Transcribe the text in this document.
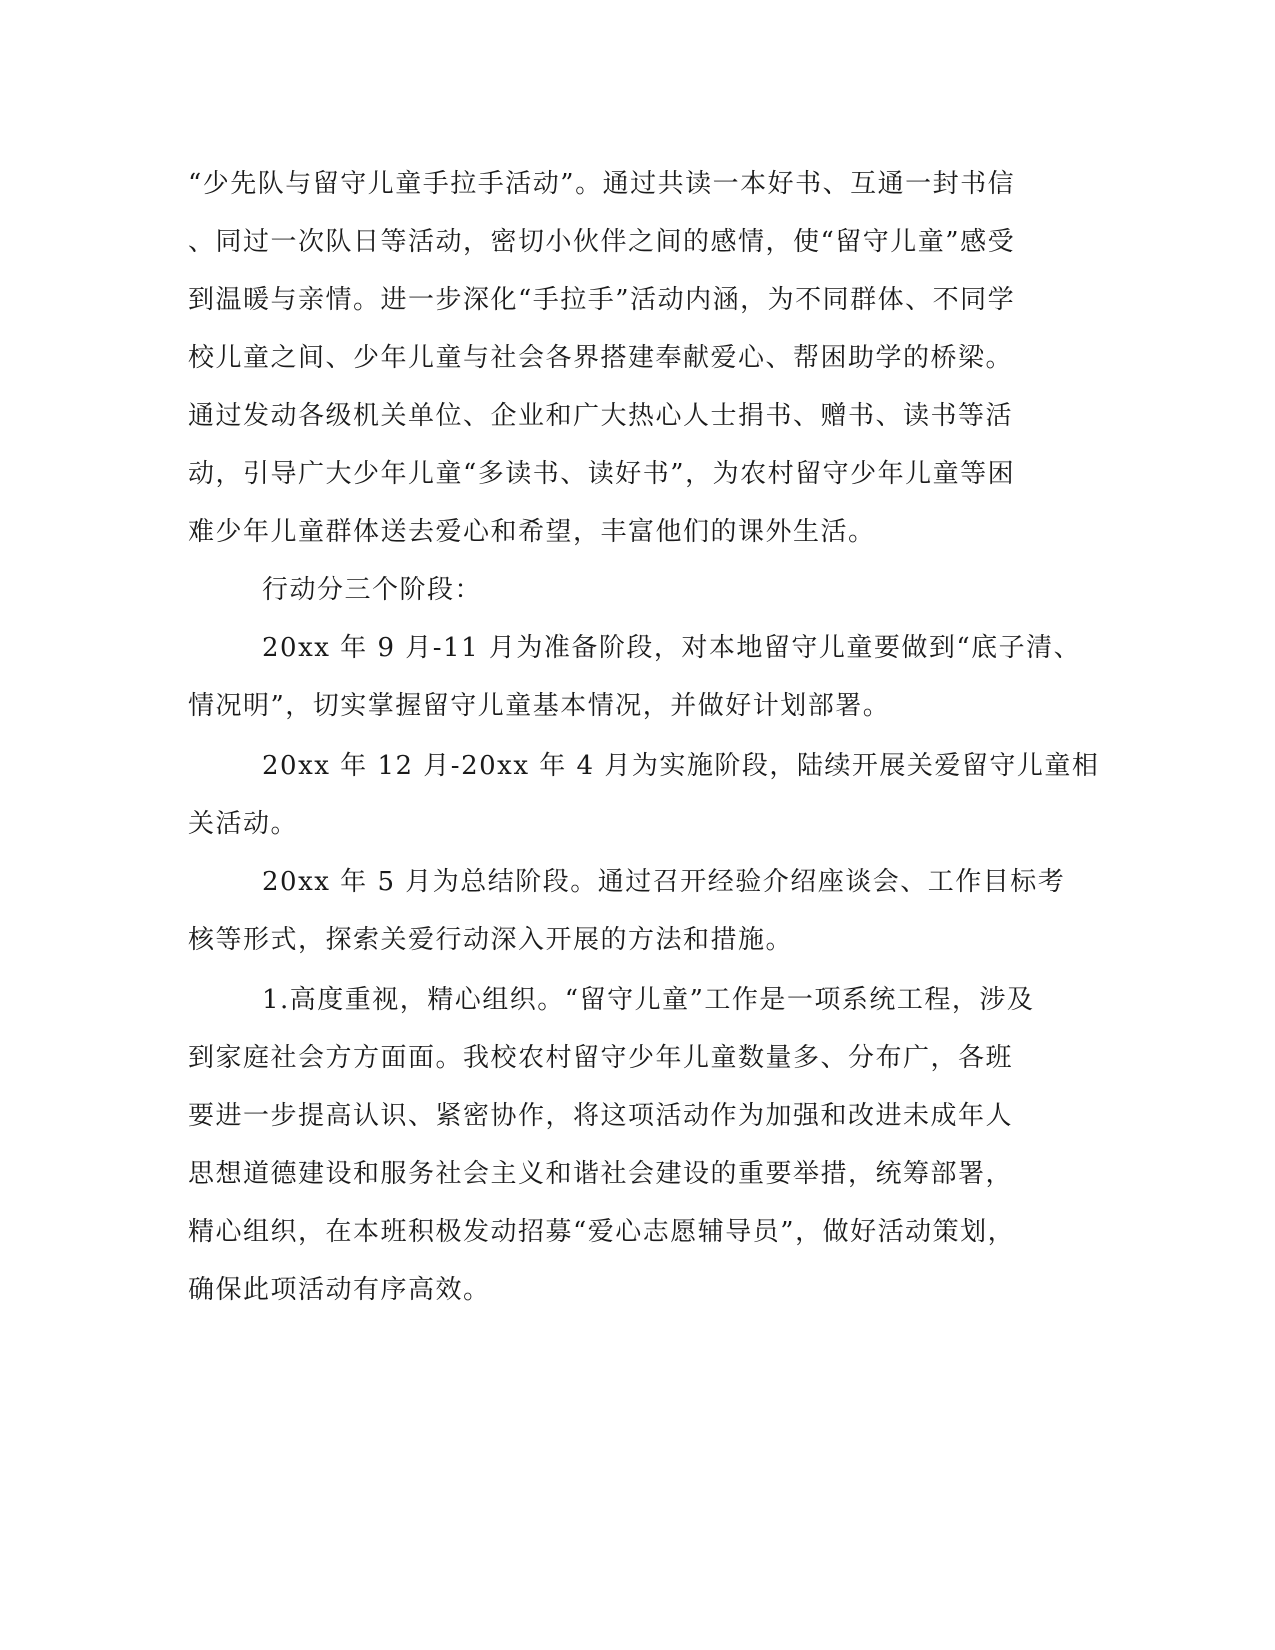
“少先队与留守儿童手拉手活动”。通过共读一本好书、互通一封书信
、同过一次队日等活动，密切小伙伴之间的感情，使“留守儿童”感受
到温暖与亲情。进一步深化“手拉手”活动内涵，为不同群体、不同学
校儿童之间、少年儿童与社会各界搭建奉献爱心、帮困助学的桥梁。
通过发动各级机关单位、企业和广大热心人士捐书、赠书、读书等活
动，引导广大少年儿童“多读书、读好书”，为农村留守少年儿童等困
难少年儿童群体送去爱心和希望，丰富他们的课外生活。
行动分三个阶段：
20xx 年 9 月-11 月为准备阶段，对本地留守儿童要做到“底子清、
情况明”，切实掌握留守儿童基本情况，并做好计划部署。
20xx 年 12 月-20xx 年 4 月为实施阶段，陆续开展关爱留守儿童相
关活动。
20xx 年 5 月为总结阶段。通过召开经验介绍座谈会、工作目标考
核等形式，探索关爱行动深入开展的方法和措施。
1.高度重视，精心组织。“留守儿童”工作是一项系统工程，涉及
到家庭社会方方面面。我校农村留守少年儿童数量多、分布广，各班
要进一步提高认识、紧密协作，将这项活动作为加强和改进未成年人
思想道德建设和服务社会主义和谐社会建设的重要举措，统筹部署，
精心组织，在本班积极发动招募“爱心志愿辅导员”，做好活动策划，
确保此项活动有序高效。
